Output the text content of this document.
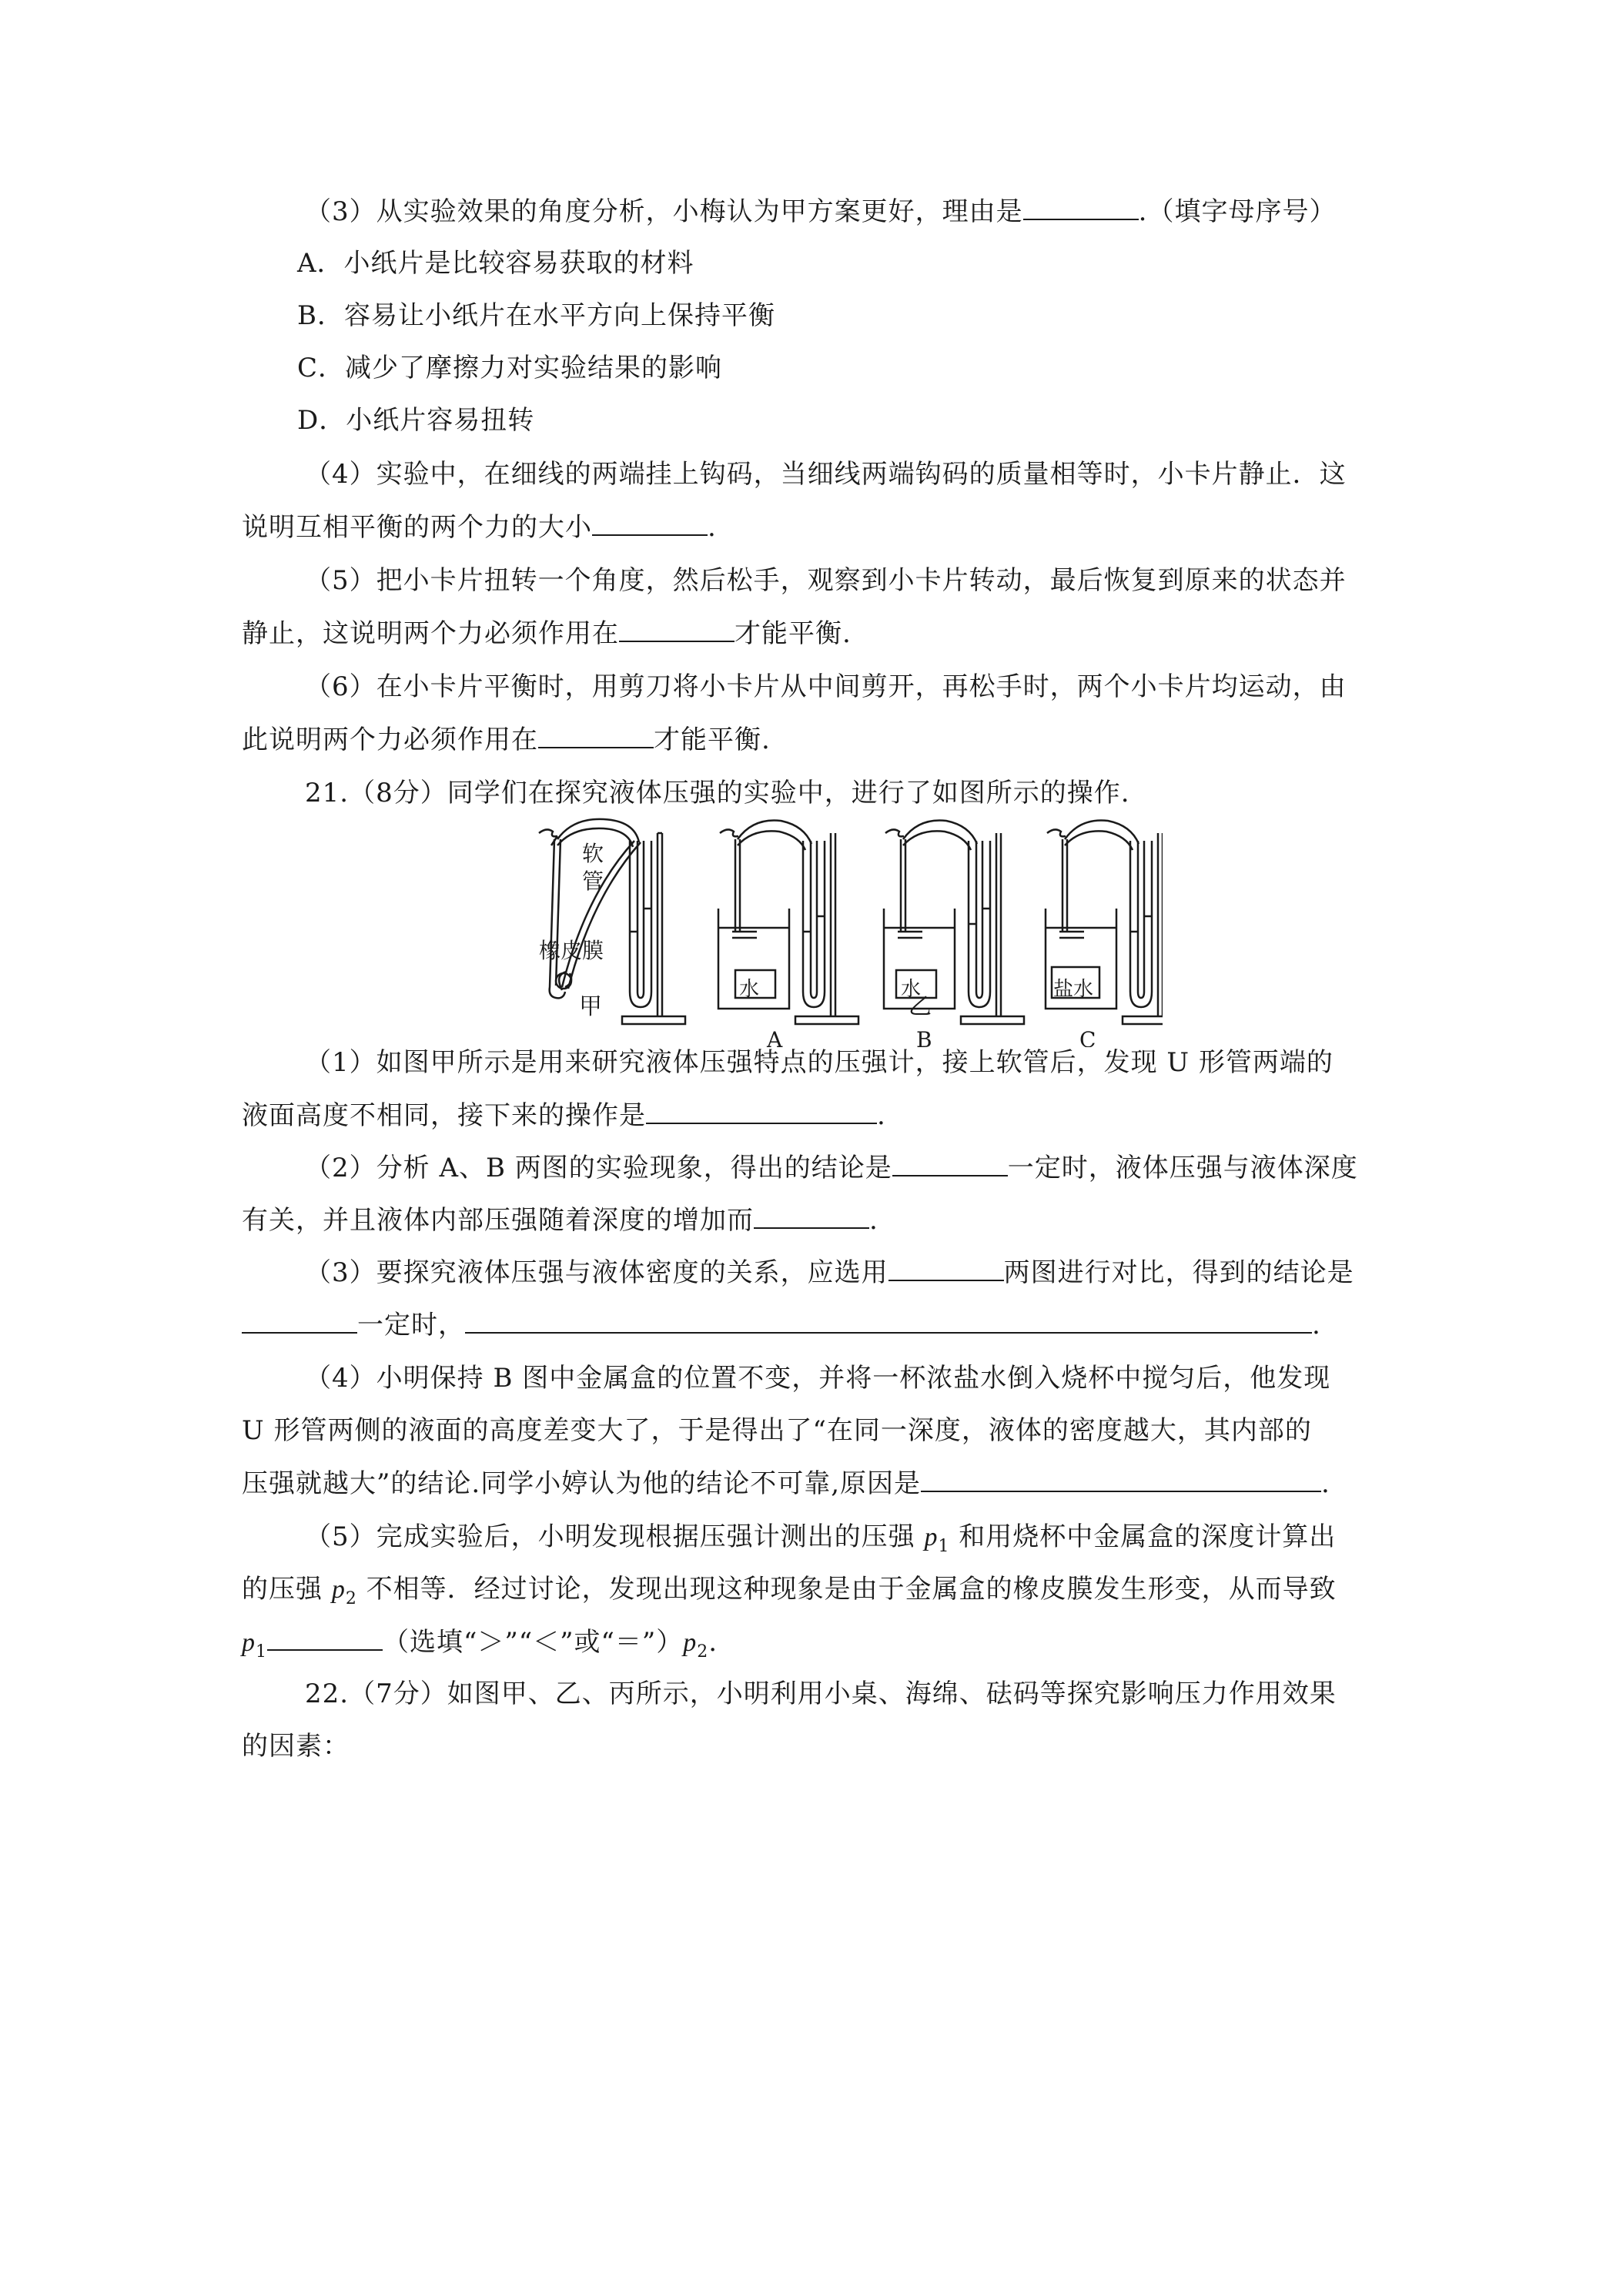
（3）从实验效果的角度分析，小梅认为甲方案更好，理由是	.（填字母序号）
A．小纸片是比较容易获取的材料
B．容易让小纸片在水平方向上保持平衡
C．减少了摩擦力对实验结果的影响
D．小纸片容易扭转
（4）实验中，在细线的两端挂上钩码，当细线两端钩码的质量相等时，小卡片静止．这
说明互相平衡的两个力的大小	.
（5）把小卡片扭转一个角度，然后松手，观察到小卡片转动，最后恢复到原来的状态并
静止，这说明两个力必须作用在	才能平衡.
（6）在小卡片平衡时，用剪刀将小卡片从中间剪开，再松手时，两个小卡片均运动，由
此说明两个力必须作用在	才能平衡.
21.（8分）同学们在探究液体压强的实验中，进行了如图所示的操作.
软
管
橡皮膜
水	水	盐水
A	B	C
甲	乙
（1）如图甲所示是用来研究液体压强特点的压强计，接上软管后，发现 U 形管两端的
液面高度不相同，接下来的操作是	.
（2）分析 A、B 两图的实验现象，得出的结论是	一定时，液体压强与液体深度
有关，并且液体内部压强随着深度的增加而	.
（3）要探究液体压强与液体密度的关系，应选用	两图进行对比，得到的结论是
一定时，	.
（4）小明保持 B 图中金属盒的位置不变，并将一杯浓盐水倒入烧杯中搅匀后，他发现
U 形管两侧的液面的高度差变大了，于是得出了“在同一深度，液体的密度越大，其内部的
压强就越大”的结论.同学小婷认为他的结论不可靠,原因是	.
（5）完成实验后，小明发现根据压强计测出的压强 $p_1$ 和用烧杯中金属盒的深度计算出
的压强 $p_2$ 不相等．经过讨论，发现出现这种现象是由于金属盒的橡皮膜发生形变，从而导致
$p_1$	（选填“＞”“＜”或“$=”)p_2$.
22.（7分）如图甲、乙、丙所示，小明利用小桌、海绵、砝码等探究影响压力作用效果
的因素：
